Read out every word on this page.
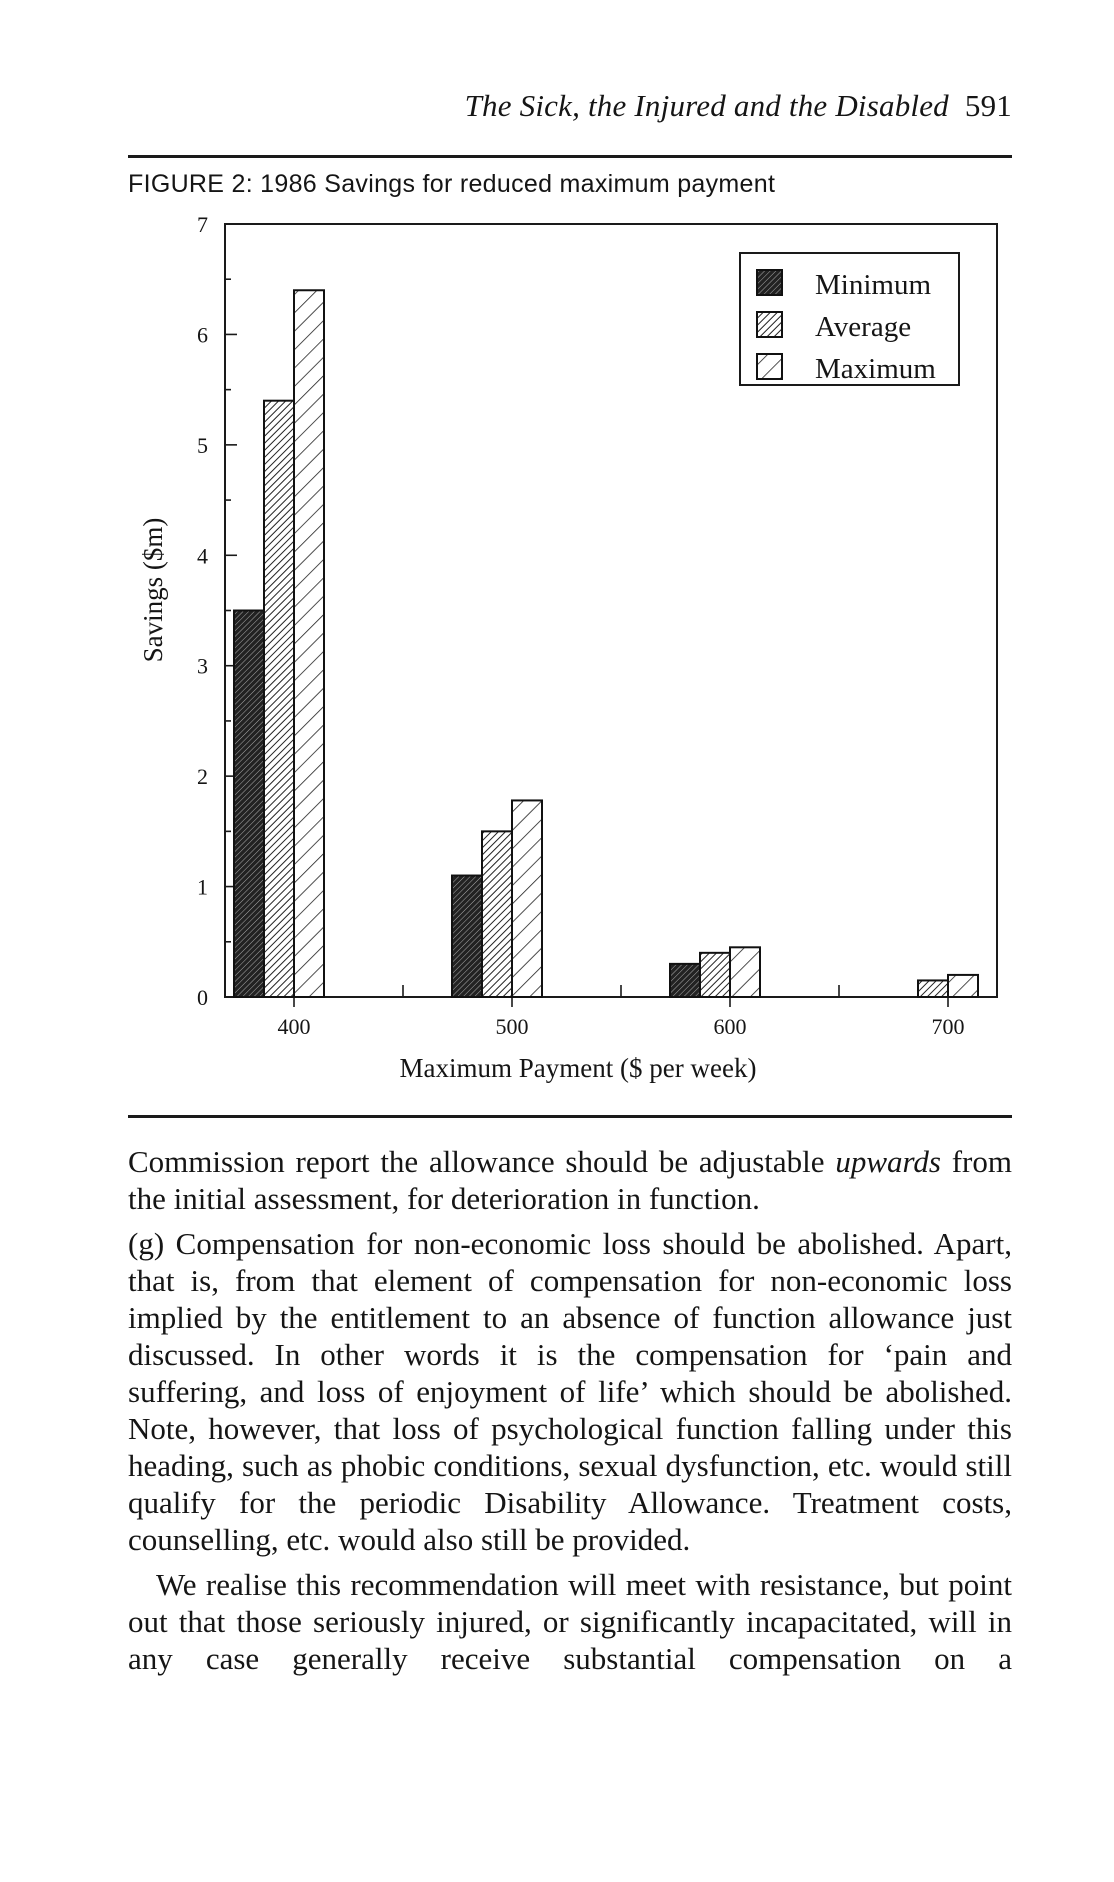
The Sick, the Injured and the Disabled 591
FIGURE 2: 1986 Savings for reduced maximum payment
0
1
2
3
4
5
6
7
400	500	600	700
Minimum
Average
Maximum
Savings ($m)
Maximum Payment ($ per week)

Commission report the allowance should be adjustable upwards from the initial assessment, for deterioration in function.

(g) Compensation for non-economic loss should be abolished. Apart, that is, from that element of compensation for non-economic loss implied by the entitlement to an absence of function allowance just discussed. In other words it is the compensation for ‘pain and suffering, and loss of enjoyment of life’ which should be abolished. Note, however, that loss of psychological function falling under this heading, such as phobic conditions, sexual dysfunction, etc. would still qualify for the periodic Disability Allowance. Treatment costs, counselling, etc. would also still be provided.

We realise this recommendation will meet with resistance, but point out that those seriously injured, or significantly incapacitated, will in any case generally receive substantial compensation on a
